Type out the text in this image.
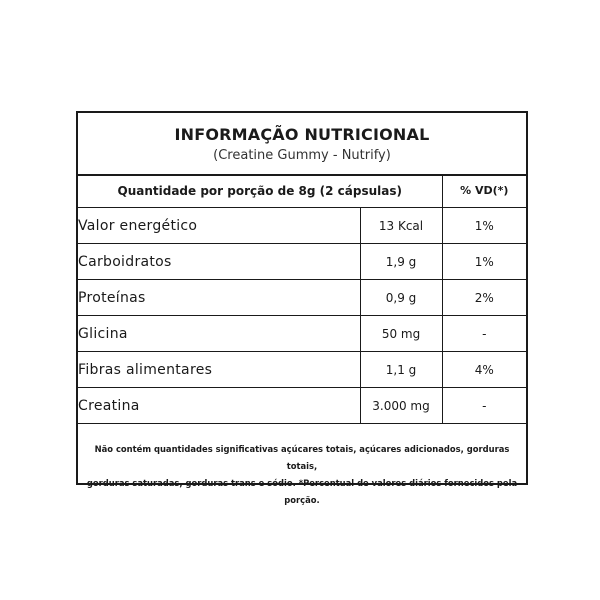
INFORMAÇÃO NUTRICIONAL
(Creatine Gummy - Nutrify)
Quantidade por porção de 8g (2 cápsulas)		% VD(*)
Valor energético	13 Kcal	1%
Carboidratos	1,9 g	1%
Proteínas	0,9 g	2%
Glicina	50 mg	-
Fibras alimentares	1,1 g	4%
Creatina	3.000 mg	-
Não contém quantidades significativas açúcares totais, açúcares adicionados, gorduras totais,
gorduras saturadas, gorduras trans e sódio. *Percentual de valores diários fornecidos pela porção.
